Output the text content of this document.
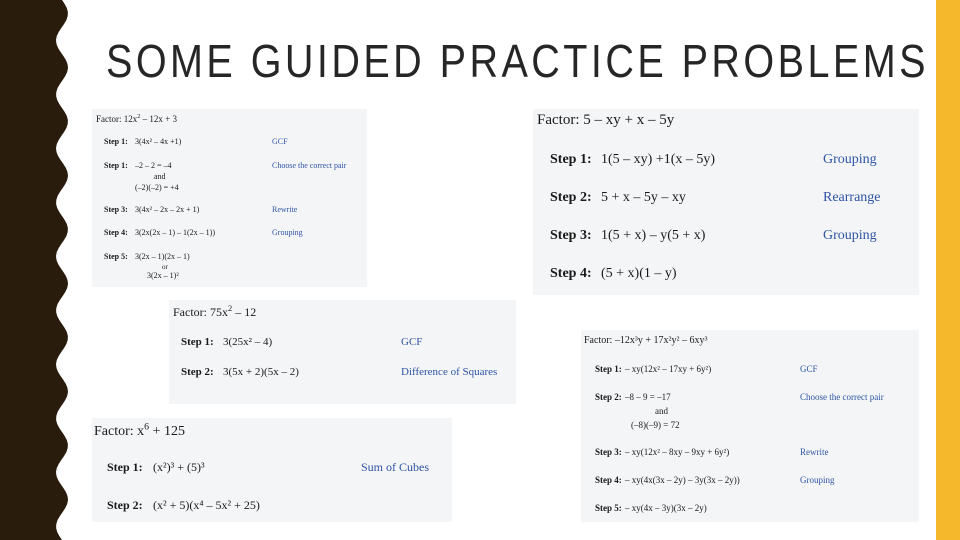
SOME GUIDED PRACTICE PROBLEMS
Factor: $12x^2 - 12x + 3$
Step 1: 3(4x² – 4x +1)	GCF
Step 1: –2 – 2 = –4	Choose the correct pair
and
(–2)(–2) = +4
Step 3: 3(4x² – 2x – 2x + 1)	Rewrite
Step 4: 3(2x(2x – 1) – 1(2x – 1))	Grouping
Step 5: 3(2x – 1)(2x – 1)
or
3(2x – 1)²
Factor: 5 – xy + x – 5y
Step 1: 1(5 – xy) +1(x – 5y)	Grouping
Step 2: 5 + x – 5y – xy	Rearrange
Step 3: 1(5 + x) – y(5 + x)	Grouping
Step 4: (5 + x)(1 – y)
Factor: $75x^2 - 12$
Step 1: 3(25x² – 4)	GCF
Step 2: 3(5x + 2)(5x – 2)	Difference of Squares
Factor: $x^6 + 125$
Step 1: (x²)³ + (5)³	Sum of Cubes
Step 2: (x² + 5)(x⁴ – 5x² + 25)
Factor: –12x³y + 17x²y² – 6xy³
Step 1: – xy(12x² – 17xy + 6y²)	GCF
Step 2: –8 – 9 = –17	Choose the correct pair
and
(–8)(–9) = 72
Step 3: – xy(12x² – 8xy – 9xy + 6y²)	Rewrite
Step 4: – xy(4x(3x – 2y) – 3y(3x – 2y))	Grouping
Step 5: – xy(4x – 3y)(3x – 2y)
